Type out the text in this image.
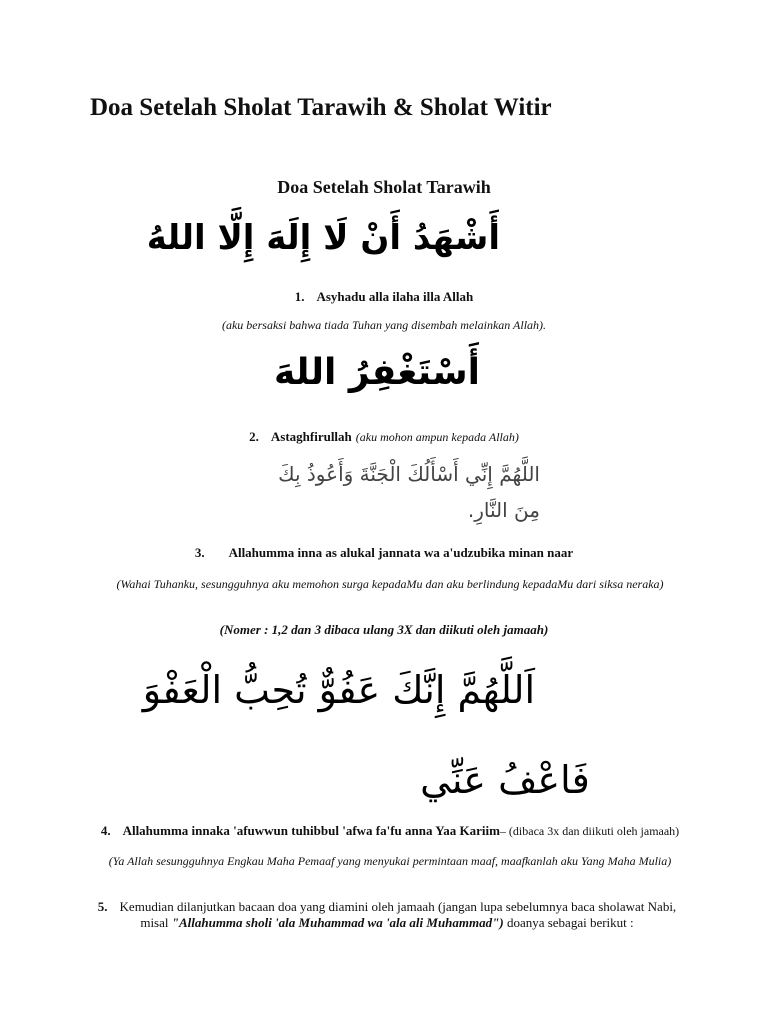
Doa Setelah Sholat Tarawih & Sholat Witir
Doa Setelah Sholat Tarawih
أَشْهَدُ أَنْ لَا إِلَهَ إِلَّا اللهُ
1. Asyhadu alla ilaha illa Allah
(aku bersaksi bahwa tiada Tuhan yang disembah melainkan Allah).
أَسْتَغْفِرُ اللهَ
2. Astaghfirullah (aku mohon ampun kepada Allah)
اللَّهُمَّ إِنِّي أَسْأَلُكَ الْجَنَّةَ وَأَعُوذُ بِكَ
مِنَ النَّارِ.
3. Allahumma inna as alukal jannata wa a'udzubika minan naar
(Wahai Tuhanku, sesungguhnya aku memohon surga kepadaMu dan aku berlindung kepadaMu dari siksa neraka)
(Nomer : 1,2 dan 3 dibaca ulang 3X dan diikuti oleh jamaah)
اَللَّهُمَّ إِنَّكَ عَفُوٌّ تُحِبُّ الْعَفْوَ
فَاعْفُ عَنِّي
4. Allahumma innaka 'afuwwun tuhibbul 'afwa fa'fu anna Yaa Kariim– (dibaca 3x dan diikuti oleh jamaah)
(Ya Allah sesungguhnya Engkau Maha Pemaaf yang menyukai permintaan maaf, maafkanlah aku Yang Maha Mulia)
5. Kemudian dilanjutkan bacaan doa yang diamini oleh jamaah (jangan lupa sebelumnya baca sholawat Nabi, misal "Allahumma sholi 'ala Muhammad wa 'ala ali Muhammad") doanya sebagai berikut :
